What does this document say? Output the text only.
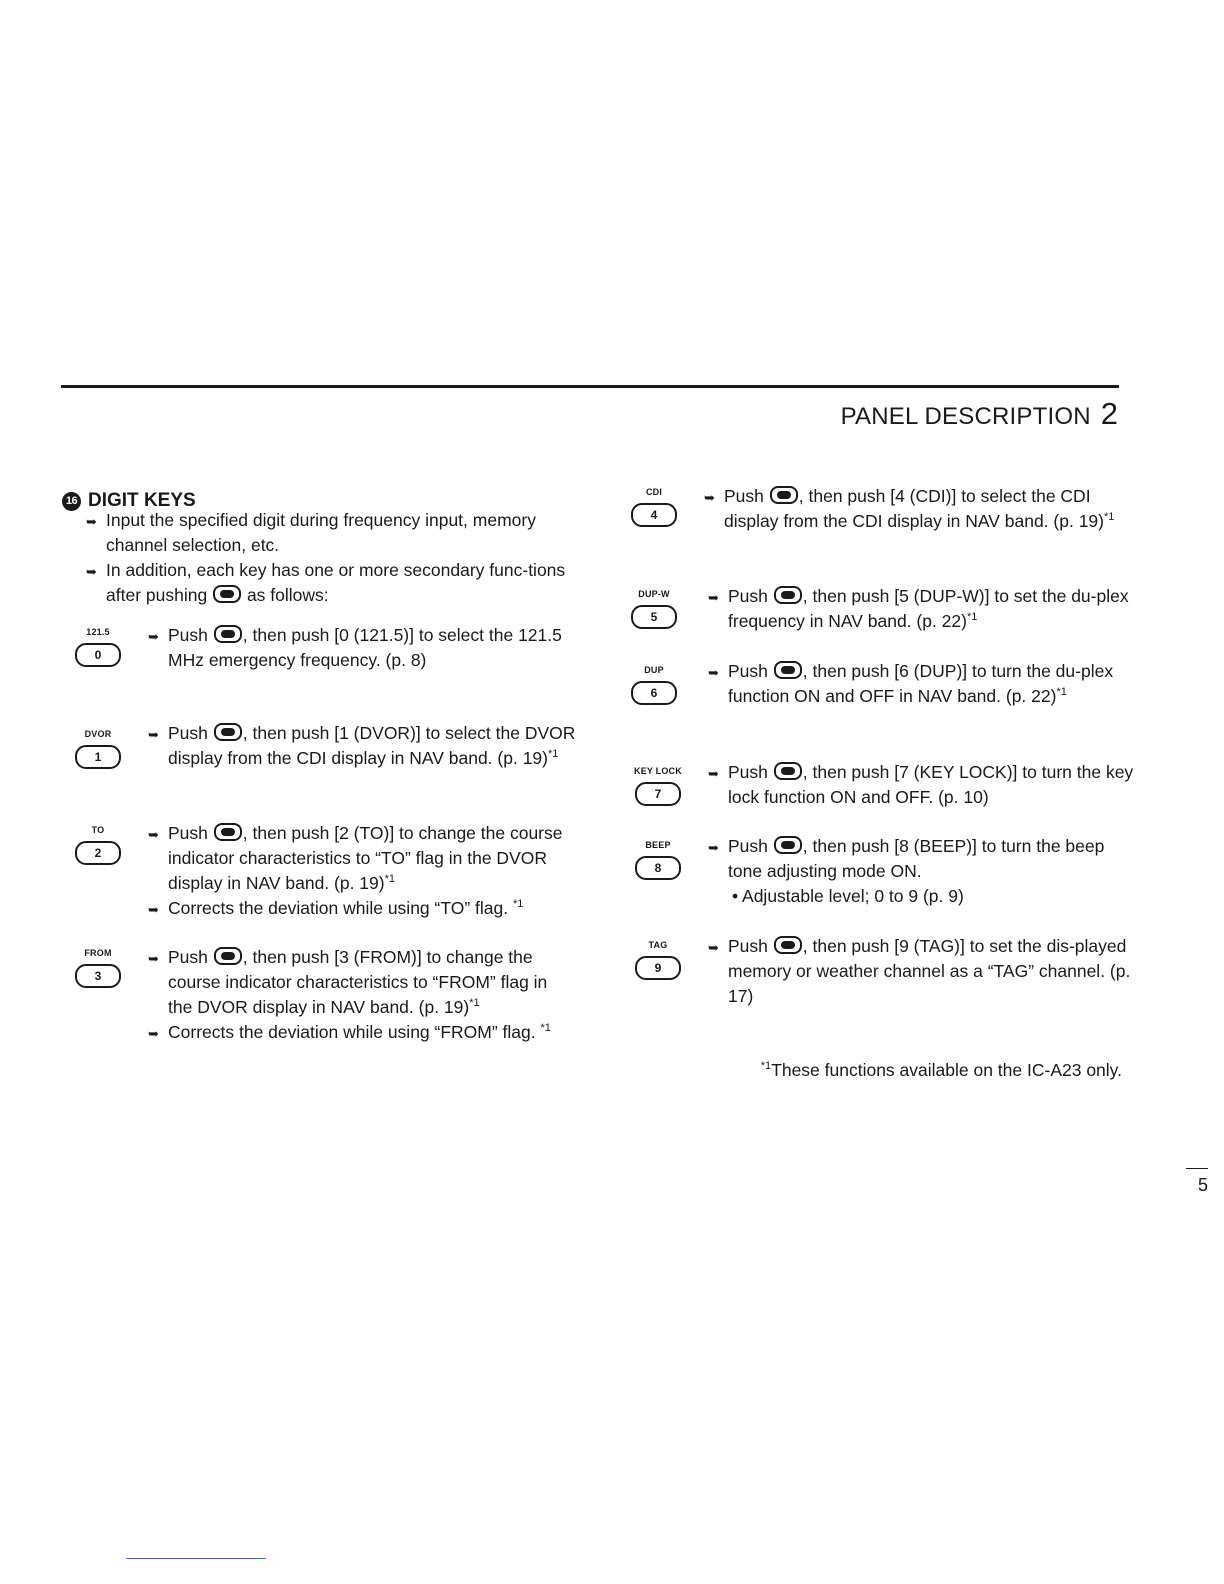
PANEL DESCRIPTION 2
16 DIGIT KEYS
➥ Input the specified digit during frequency input, memory channel selection, etc.
➥ In addition, each key has one or more secondary func-tions after pushing as follows:
121.5
0
➥ Push , then push [0 (121.5)] to select the 121.5 MHz emergency frequency. (p. 8)
DVOR
1
➥ Push , then push [1 (DVOR)] to select the DVOR display from the CDI display in NAV band. (p. 19)$^{*1}$
TO
2
➥ Push , then push [2 (TO)] to change the course indicator characteristics to “TO” flag in the DVOR display in NAV band. (p. 19)$^{*1}$
➥ Corrects the deviation while using “TO” flag. $^{*1}$
FROM
3
➥ Push , then push [3 (FROM)] to change the course indicator characteristics to “FROM” flag in the DVOR display in NAV band. (p. 19)$^{*1}$
➥ Corrects the deviation while using “FROM” flag. $^{*1}$
CDI
4
➥ Push , then push [4 (CDI)] to select the CDI display from the CDI display in NAV band. (p. 19)$^{*1}$
DUP-W
5
➥ Push , then push [5 (DUP-W)] to set the du-plex frequency in NAV band. (p. 22)$^{*1}$
DUP
6
➥ Push , then push [6 (DUP)] to turn the du-plex function ON and OFF in NAV band. (p. 22)$^{*1}$
KEY LOCK
7
➥ Push , then push [7 (KEY LOCK)] to turn the key lock function ON and OFF. (p. 10)
BEEP
8
➥ Push , then push [8 (BEEP)] to turn the beep tone adjusting mode ON.
• Adjustable level; 0 to 9 (p. 9)
TAG
9
➥ Push , then push [9 (TAG)] to set the dis-played memory or weather channel as a “TAG” channel. (p. 17)
$^{*1}$These functions available on the IC-A23 only.
5
